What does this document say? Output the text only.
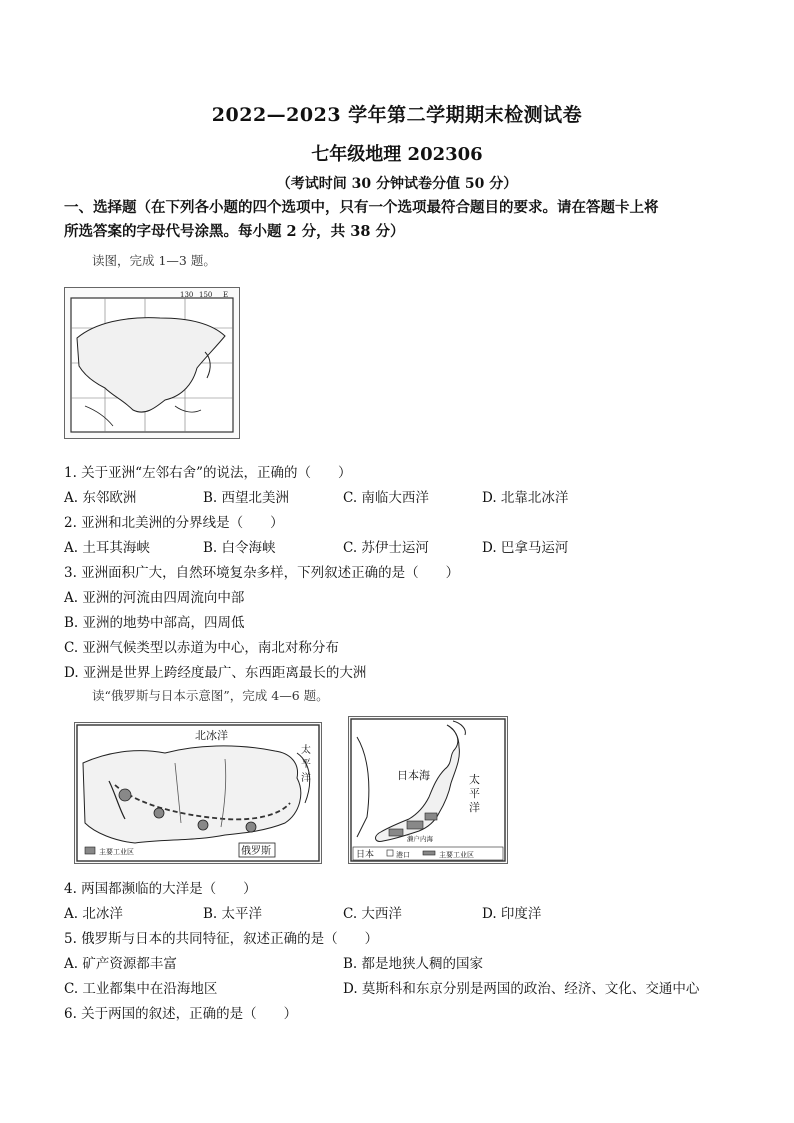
2022—2023 学年第二学期期末检测试卷
七年级地理 202306
（考试时间 30 分钟试卷分值 50 分）
一、选择题（在下列各小题的四个选项中，只有一个选项最符合题目的要求。请在答题卡上将
所选答案的字母代号涂黑。每小题 2 分，共 38 分）
读图，完成 1—3 题。
130 150 E
1. 关于亚洲“左邻右舍”的说法，正确的（　　）
A. 东邻欧洲	B. 西望北美洲	C. 南临大西洋	D. 北靠北冰洋
2. 亚洲和北美洲的分界线是（　　）
A. 土耳其海峡	B. 白令海峡	C. 苏伊士运河	D. 巴拿马运河
3. 亚洲面积广大，自然环境复杂多样，下列叙述正确的是（　　）
A. 亚洲的河流由四周流向中部
B. 亚洲的地势中部高，四周低
C. 亚洲气候类型以赤道为中心，南北对称分布
D. 亚洲是世界上跨经度最广、东西距离最长的大洲
读“俄罗斯与日本示意图”，完成 4—6 题。
北冰洋
太
平
洋
俄罗斯
主要工业区
日本海	太
平
洋
濑户内海
日本	港口	主要工业区
4. 两国都濒临的大洋是（　　）
A. 北冰洋	B. 太平洋	C. 大西洋	D. 印度洋
5. 俄罗斯与日本的共同特征，叙述正确的是（　　）
A. 矿产资源都丰富	B. 都是地狭人稠的国家
C. 工业都集中在沿海地区	D. 莫斯科和东京分别是两国的政治、经济、文化、交通中心
6. 关于两国的叙述，正确的是（　　）
